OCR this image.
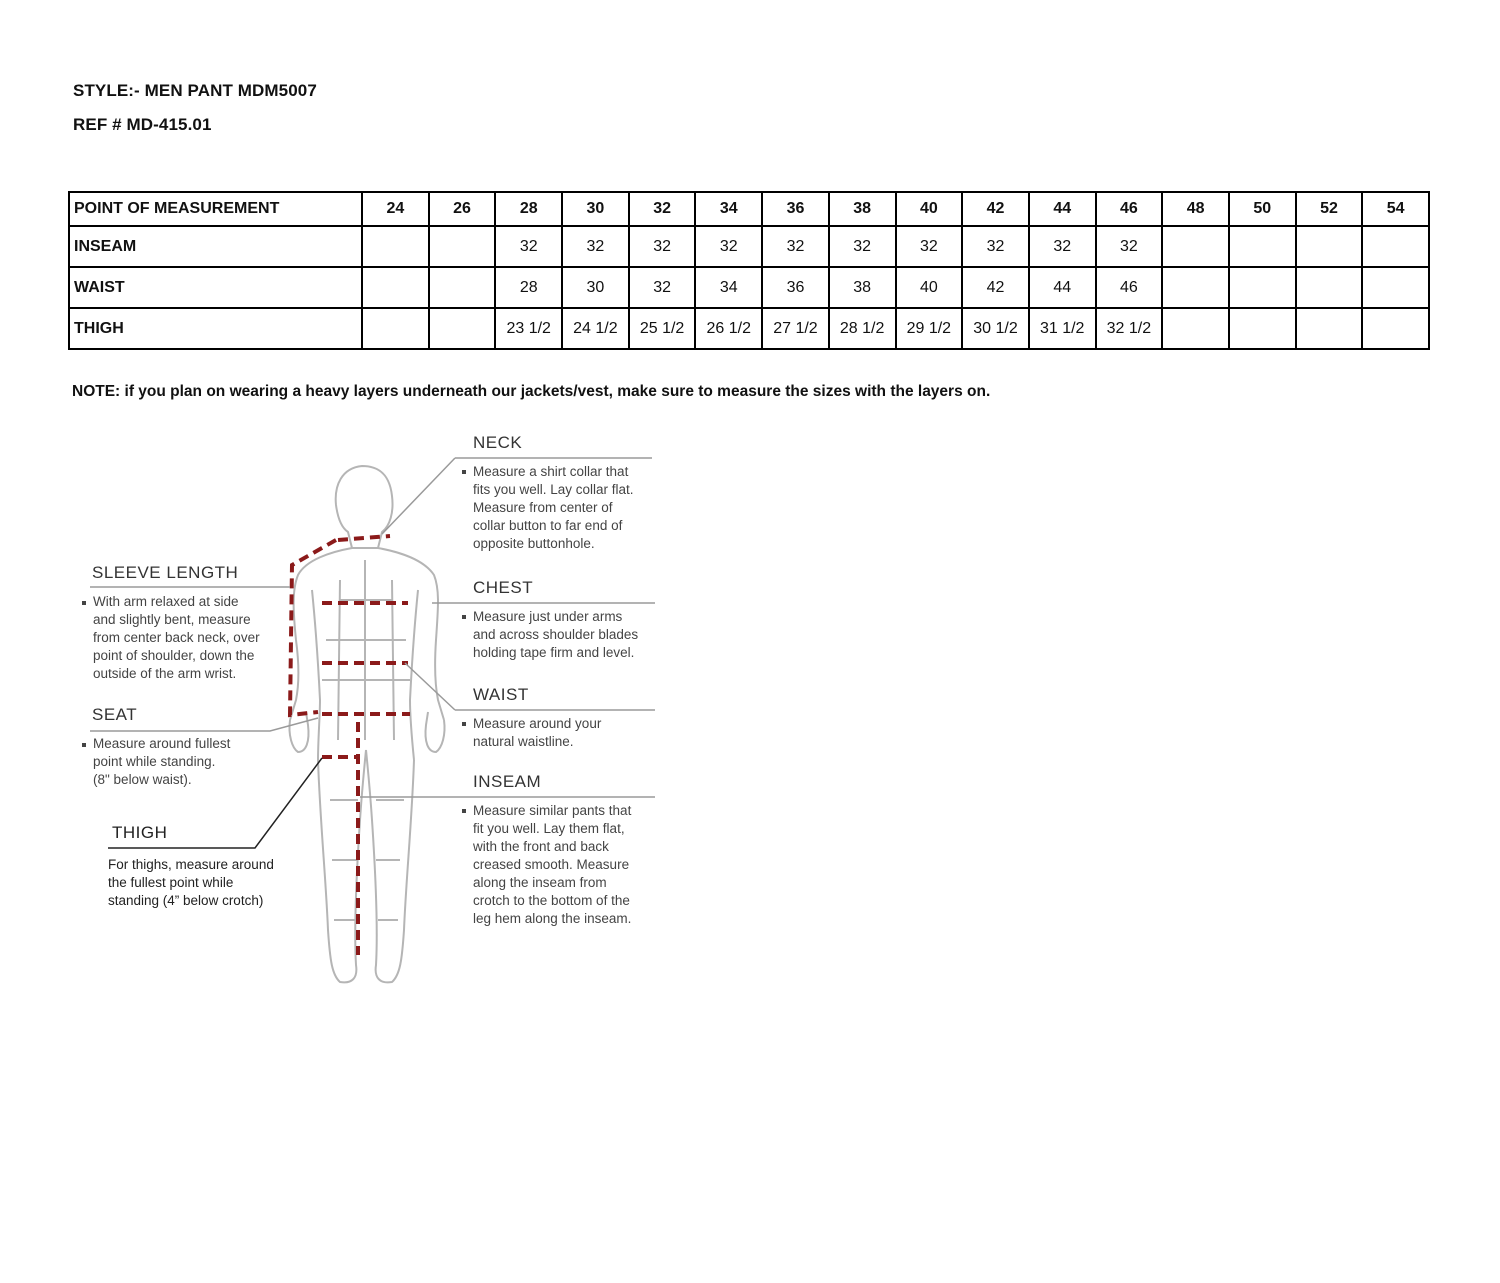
STYLE:- MEN PANT MDM5007
REF # MD-415.01
POINT OF MEASUREMENT	24	26	28	30	32	34	36	38	40	42	44	46	48	50	52	54
INSEAM			32	32	32	32	32	32	32	32	32	32				
WAIST			28	30	32	34	36	38	40	42	44	46				
THIGH			23 1/2	24 1/2	25 1/2	26 1/2	27 1/2	28 1/2	29 1/2	30 1/2	31 1/2	32 1/2				
NOTE: if you plan on wearing a heavy layers underneath our jackets/vest, make sure to measure the sizes with the layers on.
NECK
Measure a shirt collar that
fits you well. Lay collar flat.
Measure from center of
collar button to far end of
opposite buttonhole.
CHEST
Measure just under arms
and across shoulder blades
holding tape firm and level.
WAIST
Measure around your
natural waistline.
INSEAM
Measure similar pants that
fit you well. Lay them flat,
with the front and back
creased smooth. Measure
along the inseam from
crotch to the bottom of the
leg hem along the inseam.
SLEEVE LENGTH
With arm relaxed at side
and slightly bent, measure
from center back neck, over
point of shoulder, down the
outside of the arm wrist.
SEAT
Measure around fullest
point while standing.
(8" below waist).
THIGH
For thighs, measure around
the fullest point while
standing (4” below crotch)
